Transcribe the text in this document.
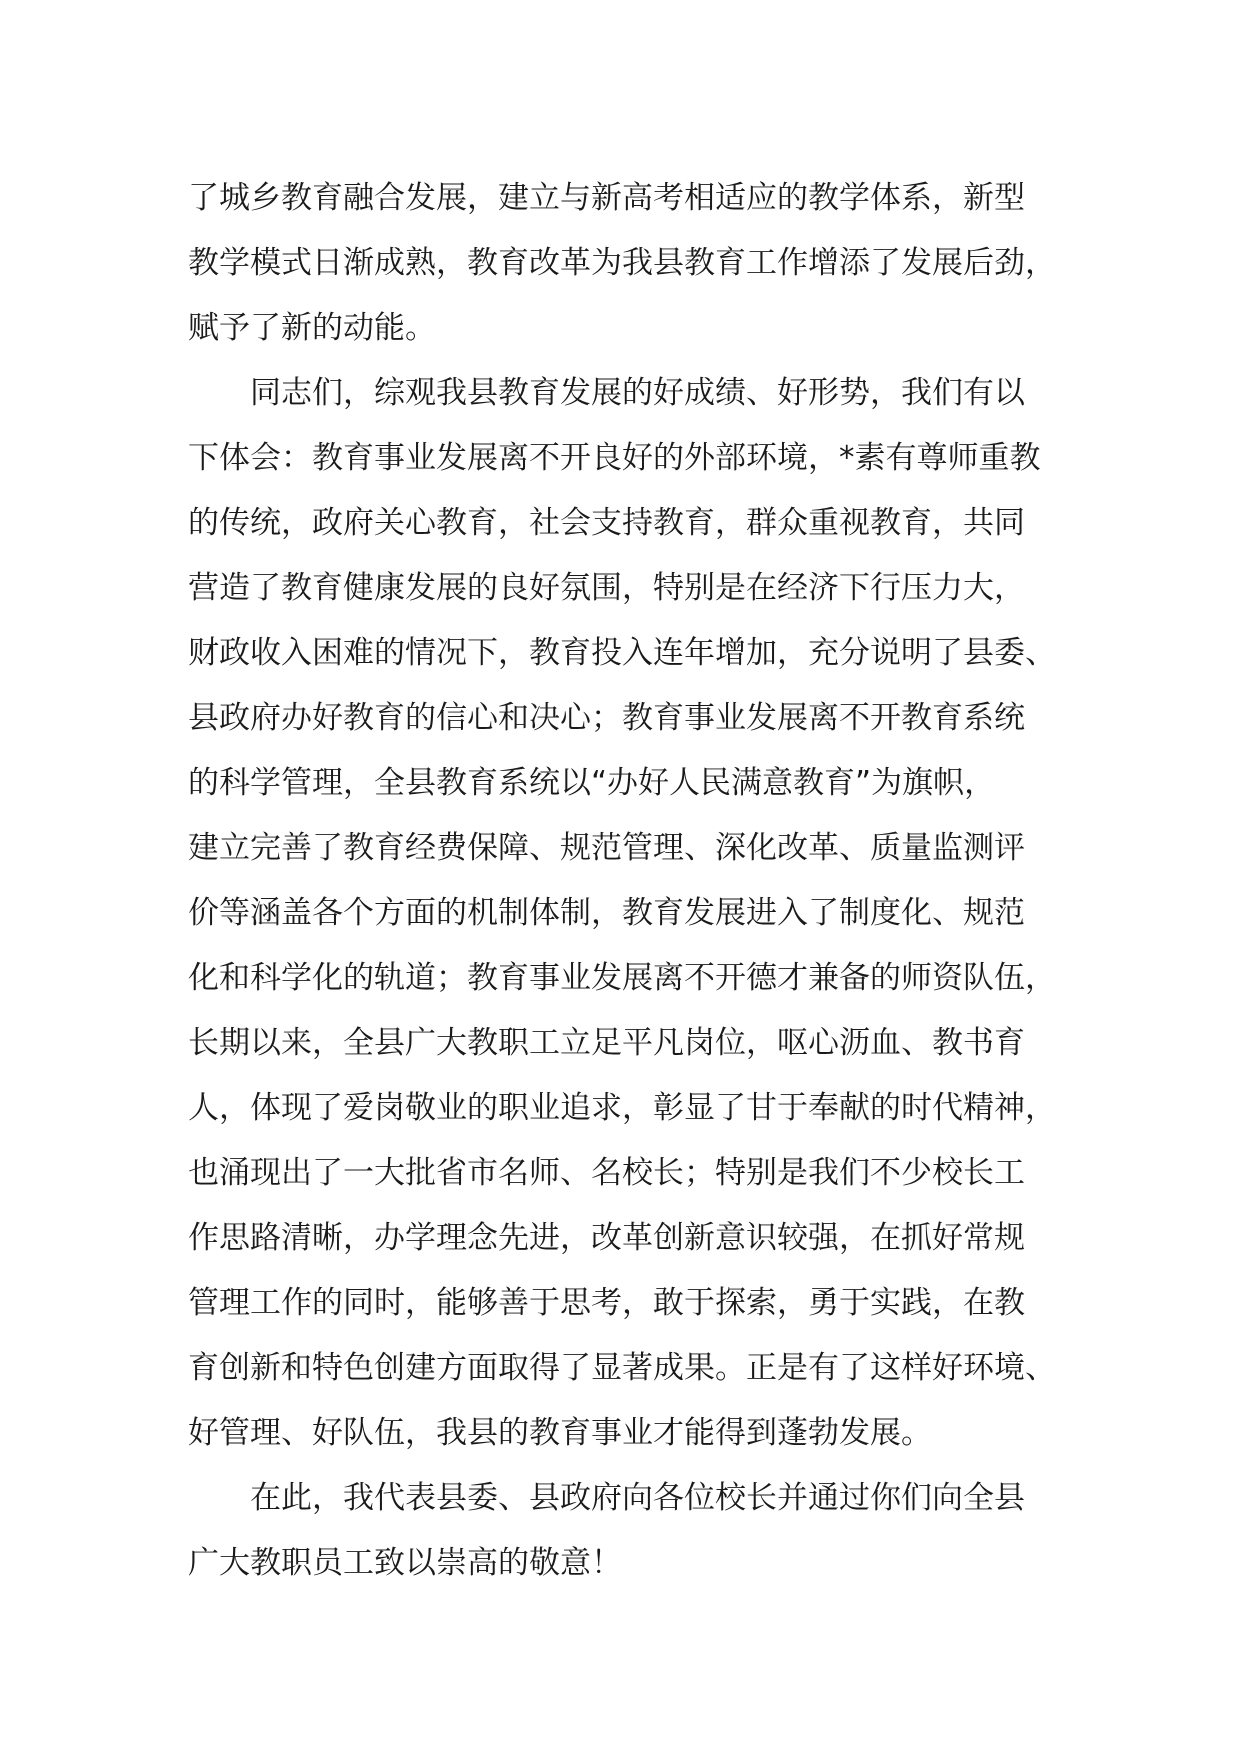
了城乡教育融合发展，建立与新高考相适应的教学体系，新型
教学模式日渐成熟，教育改革为我县教育工作增添了发展后劲，
赋予了新的动能。
同志们，综观我县教育发展的好成绩、好形势，我们有以
下体会：教育事业发展离不开良好的外部环境，*素有尊师重教
的传统，政府关心教育，社会支持教育，群众重视教育，共同
营造了教育健康发展的良好氛围，特别是在经济下行压力大，
财政收入困难的情况下，教育投入连年增加，充分说明了县委、
县政府办好教育的信心和决心；教育事业发展离不开教育系统
的科学管理，全县教育系统以“办好人民满意教育”为旗帜，
建立完善了教育经费保障、规范管理、深化改革、质量监测评
价等涵盖各个方面的机制体制，教育发展进入了制度化、规范
化和科学化的轨道；教育事业发展离不开德才兼备的师资队伍，
长期以来，全县广大教职工立足平凡岗位，呕心沥血、教书育
人，体现了爱岗敬业的职业追求，彰显了甘于奉献的时代精神，
也涌现出了一大批省市名师、名校长；特别是我们不少校长工
作思路清晰，办学理念先进，改革创新意识较强，在抓好常规
管理工作的同时，能够善于思考，敢于探索，勇于实践，在教
育创新和特色创建方面取得了显著成果。正是有了这样好环境、
好管理、好队伍，我县的教育事业才能得到蓬勃发展。
在此，我代表县委、县政府向各位校长并通过你们向全县
广大教职员工致以崇高的敬意！
